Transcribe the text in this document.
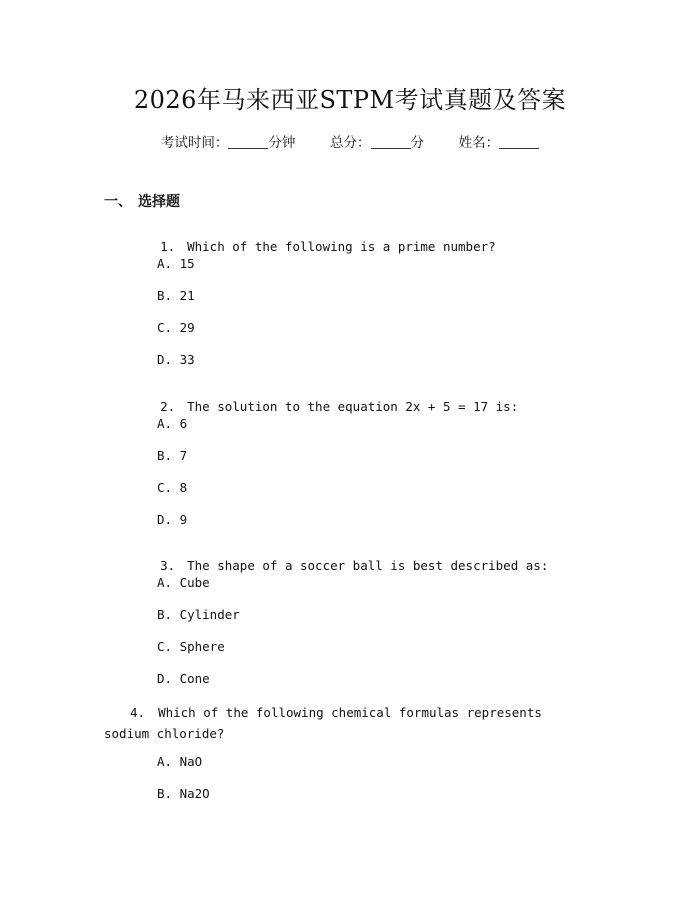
2026年马来西亚STPM考试真题及答案
考试时间：	分钟	总分：	分	姓名：
一、 选择题

1. Which of the following is a prime number?

A. 15
B. 21
C. 29
D. 33

2. The solution to the equation 2x + 5 = 17 is:

A. 6
B. 7
C. 8
D. 9

3. The shape of a soccer ball is best described as:

A. Cube
B. Cylinder
C. Sphere
D. Cone
4. Which of the following chemical formulas represents sodium chloride?
A. NaO
B. Na2O
